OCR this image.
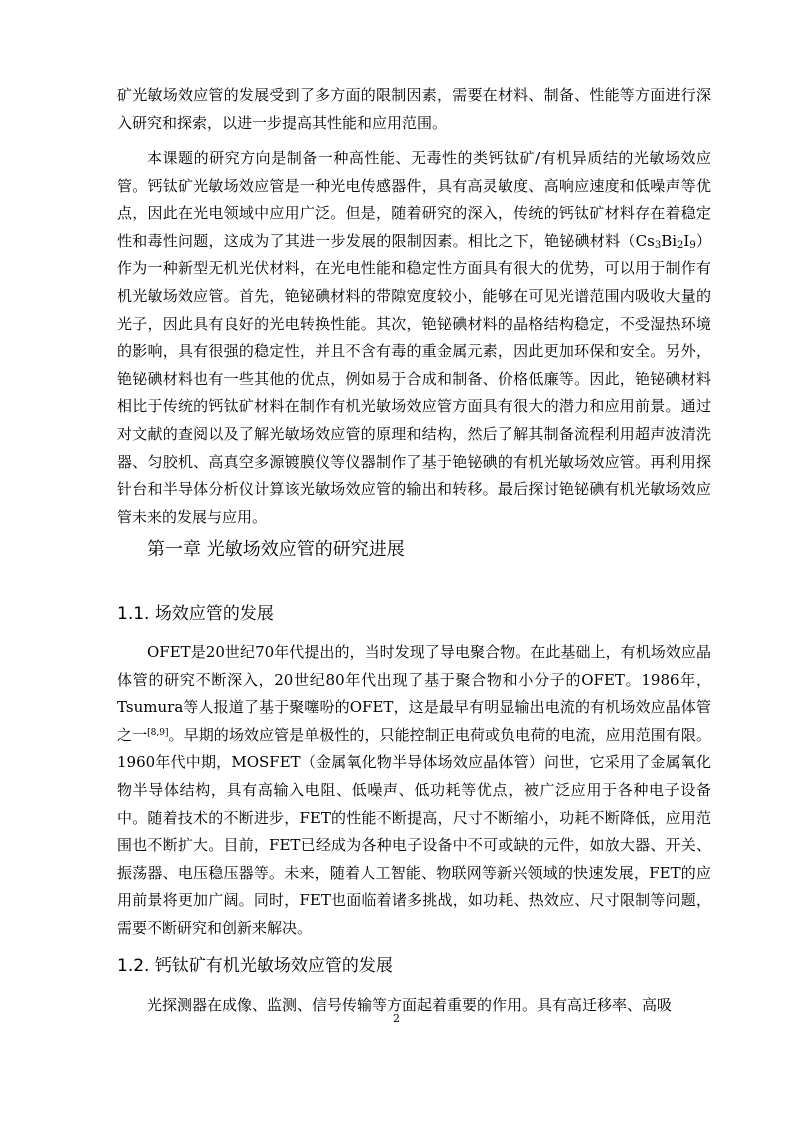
矿光敏场效应管的发展受到了多方面的限制因素，需要在材料、制备、性能等方面进行深入研究和探索，以进一步提高其性能和应用范围。

本课题的研究方向是制备一种高性能、无毒性的类钙钛矿/有机异质结的光敏场效应管。钙钛矿光敏场效应管是一种光电传感器件，具有高灵敏度、高响应速度和低噪声等优点，因此在光电领域中应用广泛。但是，随着研究的深入，传统的钙钛矿材料存在着稳定性和毒性问题，这成为了其进一步发展的限制因素。相比之下，铯铋碘材料$(Cs_3Bi_2I_9)$作为一种新型无机光伏材料，在光电性能和稳定性方面具有很大的优势，可以用于制作有机光敏场效应管。首先，铯铋碘材料的带隙宽度较小，能够在可见光谱范围内吸收大量的光子，因此具有良好的光电转换性能。其次，铯铋碘材料的晶格结构稳定，不受湿热环境的影响，具有很强的稳定性，并且不含有毒的重金属元素，因此更加环保和安全。另外，铯铋碘材料也有一些其他的优点，例如易于合成和制备、价格低廉等。因此，铯铋碘材料相比于传统的钙钛矿材料在制作有机光敏场效应管方面具有很大的潜力和应用前景。通过对文献的查阅以及了解光敏场效应管的原理和结构，然后了解其制备流程利用超声波清洗器、匀胶机、高真空多源镀膜仪等仪器制作了基于铯铋碘的有机光敏场效应管。再利用探针台和半导体分析仪计算该光敏场效应管的输出和转移。最后探讨铯铋碘有机光敏场效应管未来的发展与应用。

第一章 光敏场效应管的研究进展
1.1. 场效应管的发展

OFET是20世纪70年代提出的，当时发现了导电聚合物。在此基础上，有机场效应晶体管的研究不断深入，20世纪80年代出现了基于聚合物和小分子的OFET。1986年，Tsumura等人报道了基于聚噻吩的OFET，这是最早有明显输出电流的有机场效应晶体管之一[8,9]。早期的场效应管是单极性的，只能控制正电荷或负电荷的电流，应用范围有限。1960年代中期，MOSFET（金属氧化物半导体场效应晶体管）问世，它采用了金属氧化物半导体结构，具有高输入电阻、低噪声、低功耗等优点，被广泛应用于各种电子设备中。随着技术的不断进步，FET的性能不断提高，尺寸不断缩小，功耗不断降低，应用范围也不断扩大。目前，FET已经成为各种电子设备中不可或缺的元件，如放大器、开关、振荡器、电压稳压器等。未来，随着人工智能、物联网等新兴领域的快速发展，FET的应用前景将更加广阔。同时，FET也面临着诸多挑战，如功耗、热效应、尺寸限制等问题，需要不断研究和创新来解决。

1.2. 钙钛矿有机光敏场效应管的发展

光探测器在成像、监测、信号传输等方面起着重要的作用。具有高迁移率、高吸

2
